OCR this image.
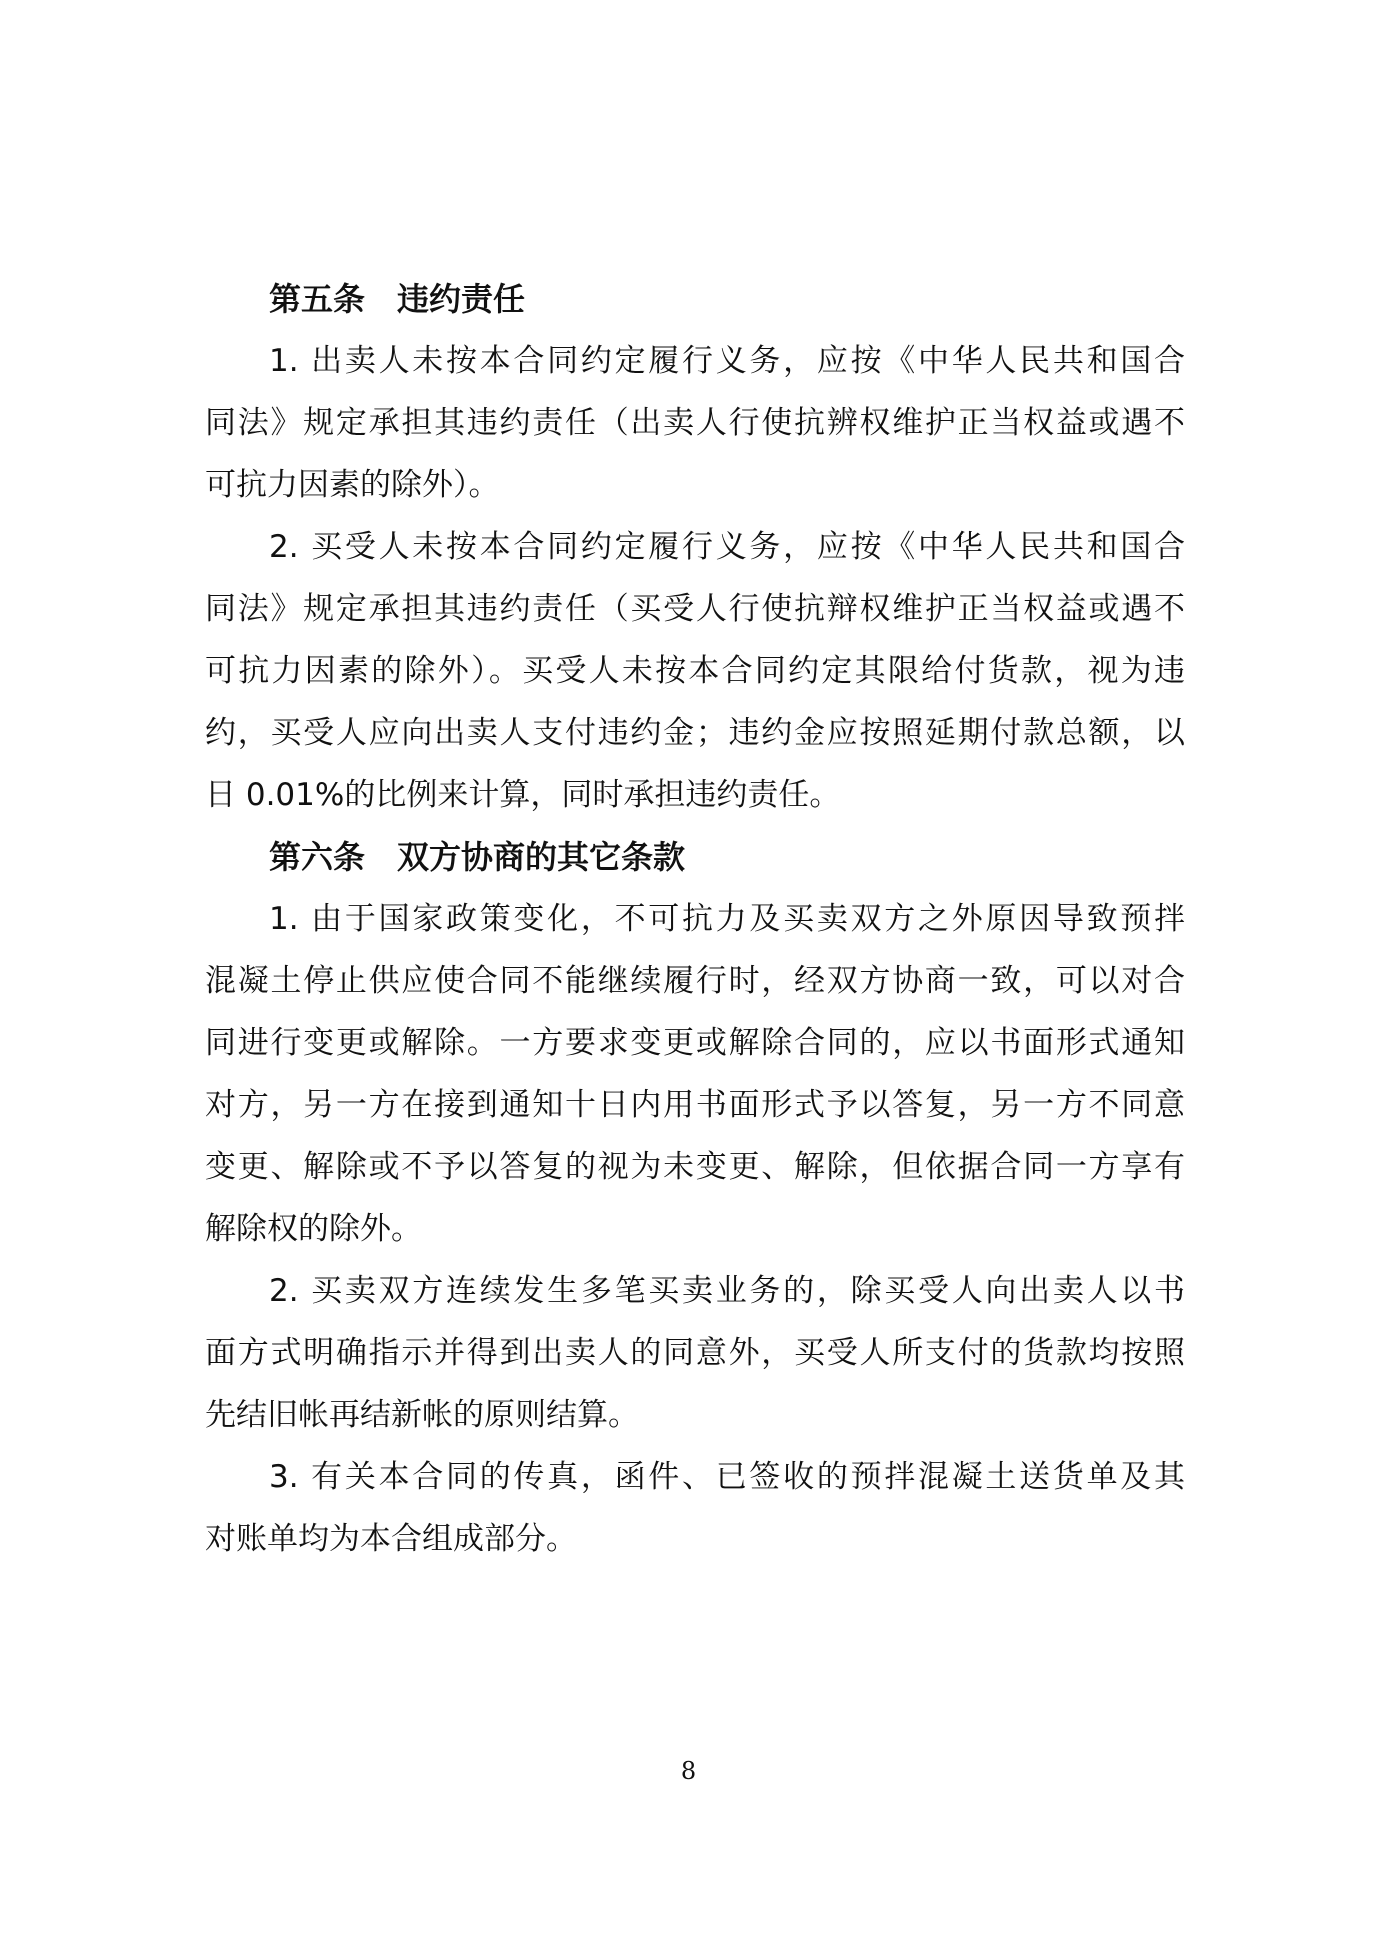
第五条 违约责任
1. 出卖人未按本合同约定履行义务，应按《中华人民共和国合
同法》规定承担其违约责任（出卖人行使抗辨权维护正当权益或遇不
可抗力因素的除外）。
2. 买受人未按本合同约定履行义务，应按《中华人民共和国合
同法》规定承担其违约责任（买受人行使抗辩权维护正当权益或遇不
可抗力因素的除外）。买受人未按本合同约定其限给付货款，视为违
约，买受人应向出卖人支付违约金；违约金应按照延期付款总额，以
日 0.01%的比例来计算，同时承担违约责任。
第六条 双方协商的其它条款
1. 由于国家政策变化，不可抗力及买卖双方之外原因导致预拌
混凝土停止供应使合同不能继续履行时，经双方协商一致，可以对合
同进行变更或解除。一方要求变更或解除合同的，应以书面形式通知
对方，另一方在接到通知十日内用书面形式予以答复，另一方不同意
变更、解除或不予以答复的视为未变更、解除，但依据合同一方享有
解除权的除外。
2. 买卖双方连续发生多笔买卖业务的，除买受人向出卖人以书
面方式明确指示并得到出卖人的同意外，买受人所支付的货款均按照
先结旧帐再结新帐的原则结算。
3. 有关本合同的传真，函件、已签收的预拌混凝土送货单及其
对账单均为本合组成部分。
8
